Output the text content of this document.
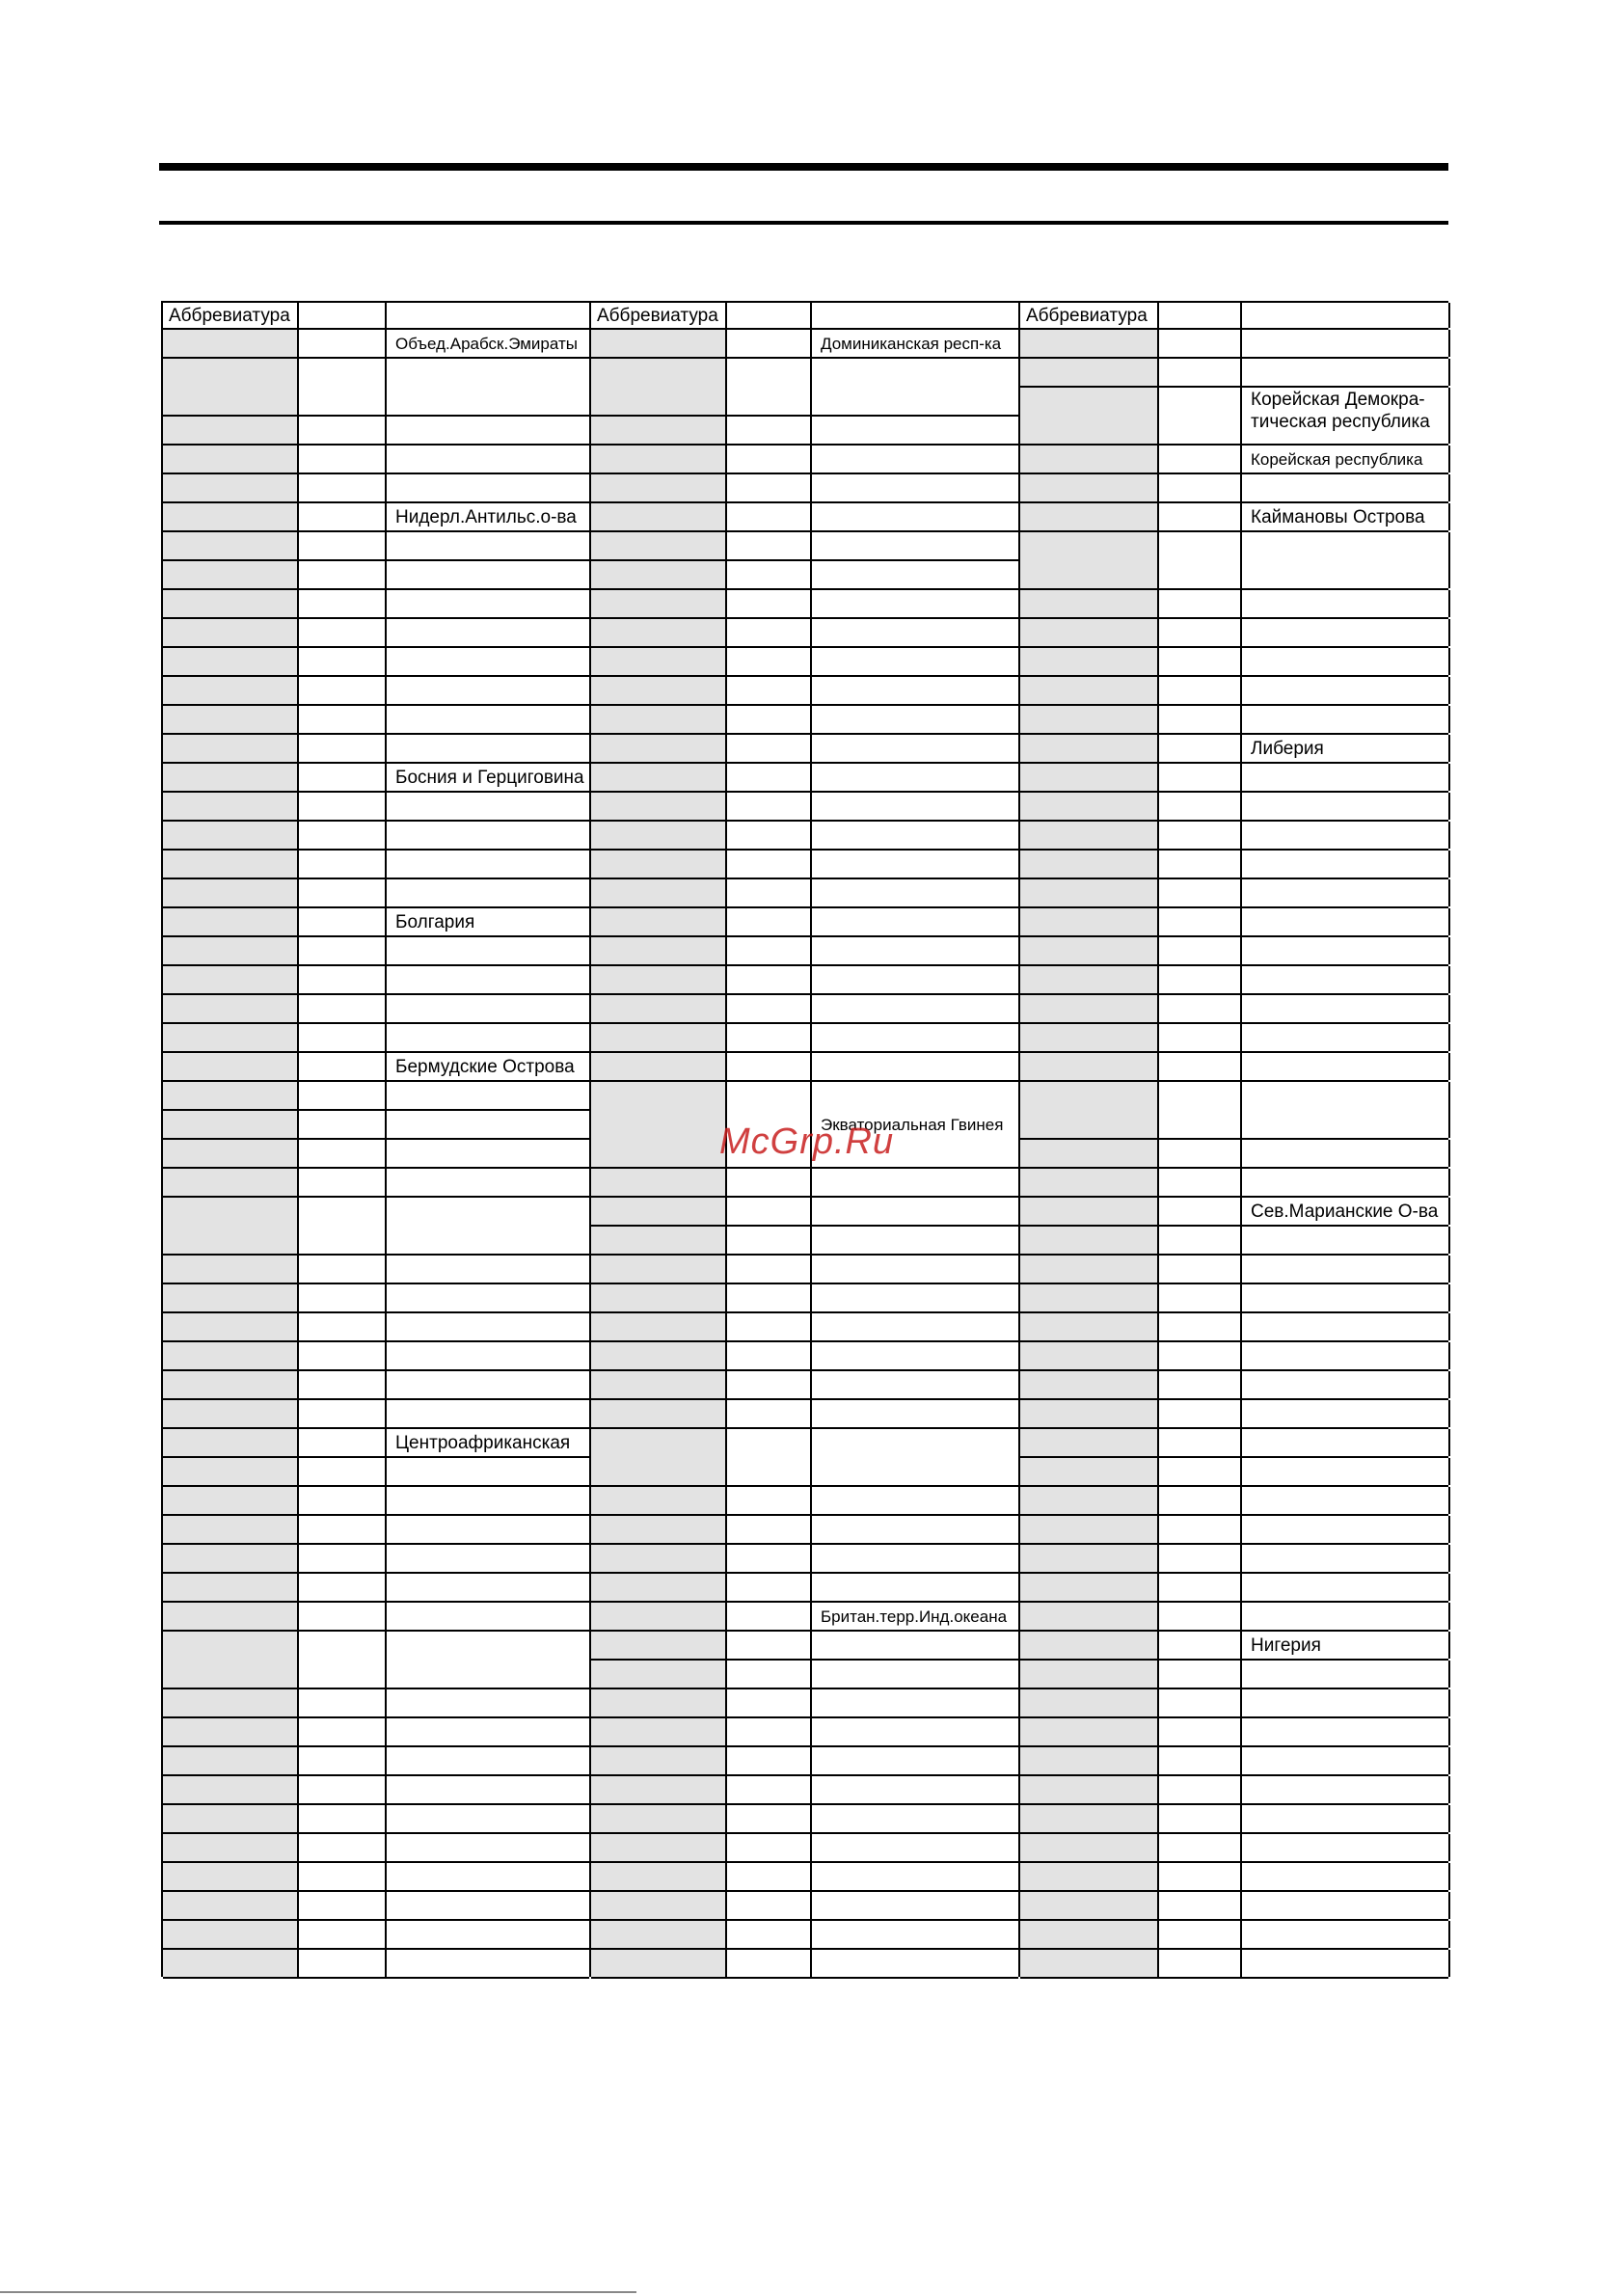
Аббревиатура
Объед.Арабск.Эмираты
Нидерл.Антильс.о-ва
Босния и Герциговина
Болгария
Бермудские Острова
Центроафриканская
Аббревиатура
Доминиканская респ-ка
Экваториальная Гвинея
Британ.терр.Инд.океана
Аббревиатура
Корейская Демокра-тическая республика
Корейская республика
Каймановы Острова
Либерия
Сев.Марианские О-ва
Нигерия
McGrp.Ru
